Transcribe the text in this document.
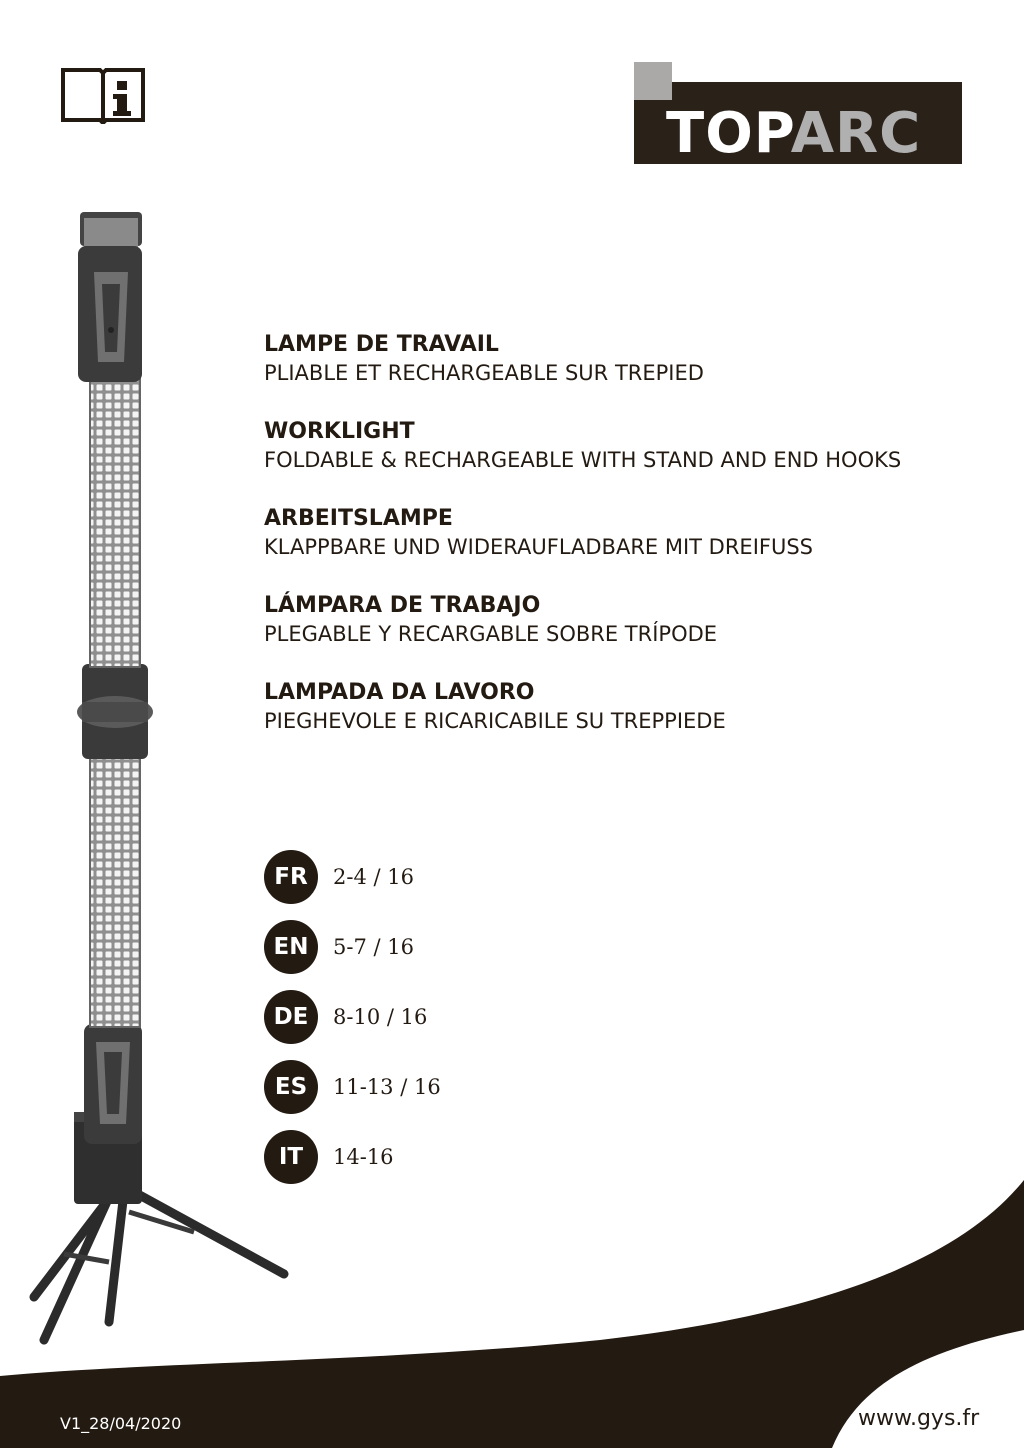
TOPARC
LAMPE DE TRAVAIL
PLIABLE ET RECHARGEABLE SUR TREPIED
WORKLIGHT
FOLDABLE & RECHARGEABLE WITH STAND AND END HOOKS
ARBEITSLAMPE
KLAPPBARE UND WIDERAUFLADBARE MIT DREIFUSS
LÁMPARA DE TRABAJO
PLEGABLE Y RECARGABLE SOBRE TRÍPODE
LAMPADA DA LAVORO
PIEGHEVOLE E RICARICABILE SU TREPPIEDE
FR	2-4 / 16
EN	5-7 / 16
DE	8-10 / 16
ES	11-13 / 16
IT	14-16
V1_28/04/2020	www.gys.fr
